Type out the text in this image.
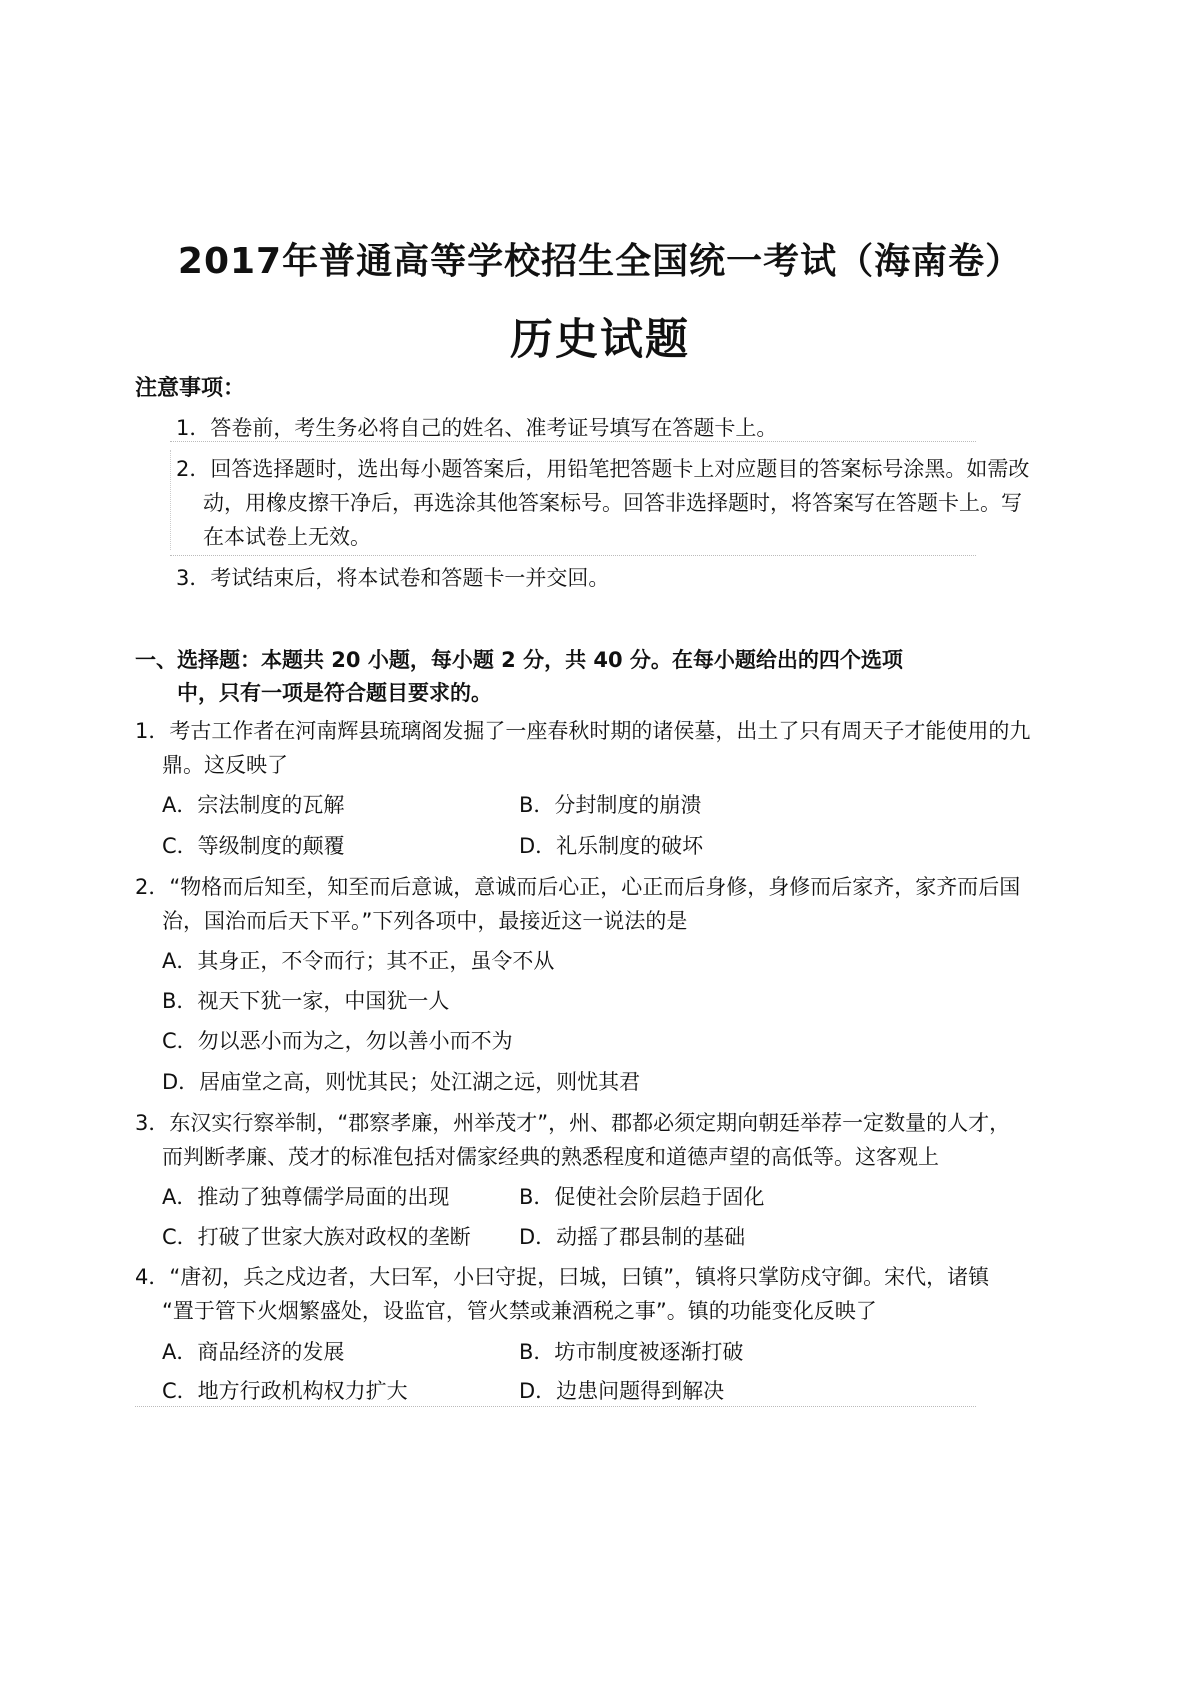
2017年普通高等学校招生全国统一考试（海南卷）
历史试题
注意事项：
1．答卷前，考生务必将自己的姓名、准考证号填写在答题卡上。
2．回答选择题时，选出每小题答案后，用铅笔把答题卡上对应题目的答案标号涂黑。如需改
动，用橡皮擦干净后，再选涂其他答案标号。回答非选择题时，将答案写在答题卡上。写
在本试卷上无效。
3．考试结束后，将本试卷和答题卡一并交回。
一、选择题：本题共 20 小题，每小题 2 分，共 40 分。在每小题给出的四个选项
中，只有一项是符合题目要求的。
1．考古工作者在河南辉县琉璃阁发掘了一座春秋时期的诸侯墓，出土了只有周天子才能使用的九
鼎。这反映了
A．宗法制度的瓦解	B．分封制度的崩溃
C．等级制度的颠覆	D．礼乐制度的破坏
2．“物格而后知至，知至而后意诚，意诚而后心正，心正而后身修，身修而后家齐，家齐而后国
治，国治而后天下平。”下列各项中，最接近这一说法的是
A．其身正，不令而行；其不正，虽令不从
B．视天下犹一家，中国犹一人
C．勿以恶小而为之，勿以善小而不为
D．居庙堂之高，则忧其民；处江湖之远，则忧其君
3．东汉实行察举制，“郡察孝廉，州举茂才”，州、郡都必须定期向朝廷举荐一定数量的人才，
而判断孝廉、茂才的标准包括对儒家经典的熟悉程度和道德声望的高低等。这客观上
A．推动了独尊儒学局面的出现	B．促使社会阶层趋于固化
C．打破了世家大族对政权的垄断 D．动摇了郡县制的基础
4．“唐初，兵之戍边者，大曰军，小曰守捉，曰城，曰镇”，镇将只掌防戍守御。宋代，诸镇
“置于管下火烟繁盛处，设监官，管火禁或兼酒税之事”。镇的功能变化反映了
A．商品经济的发展	B．坊市制度被逐渐打破
C．地方行政机构权力扩大	D．边患问题得到解决
